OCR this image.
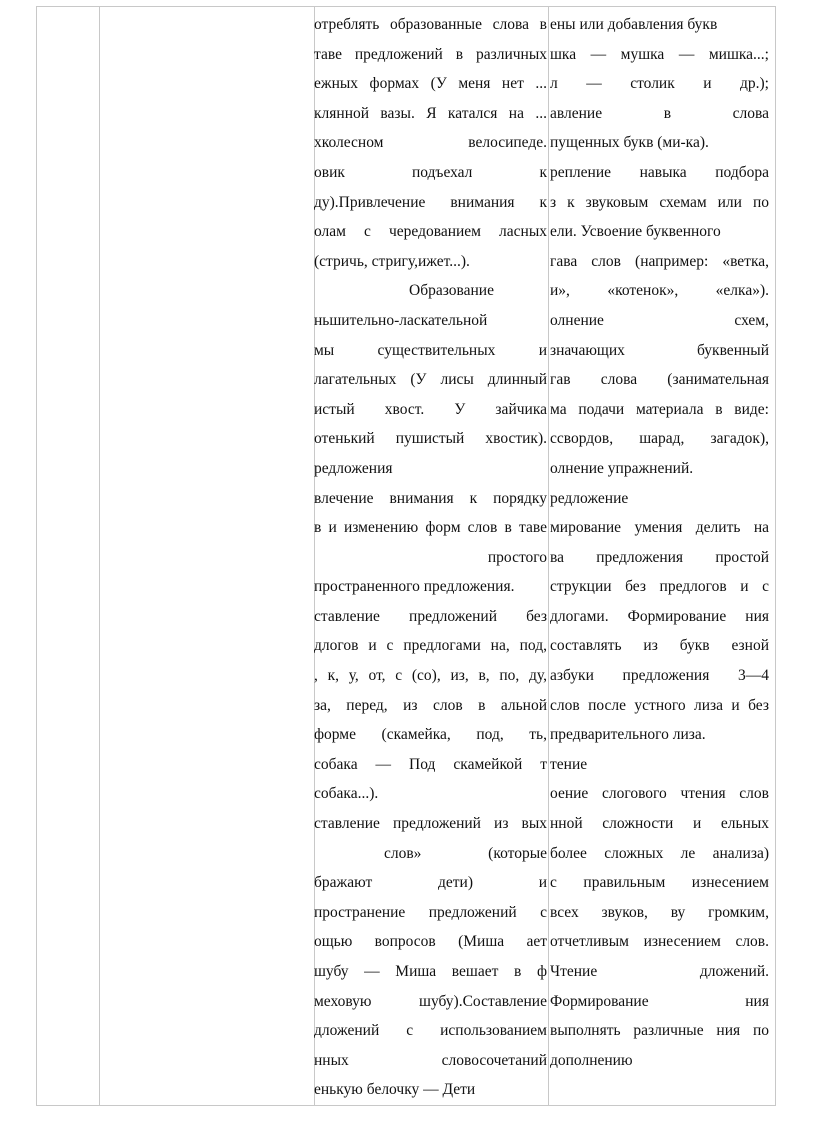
отреблять образованные слова в

таве предложений в различных

ежных формах (У меня нет ...

клянной вазы. Я катался на ...

хколесном велосипеде.

овик подъехал к

ду).Привлечение внимания к

олам с чередованием ласных

(стричь, стригу,ижет...).

Образование

ньшительно-ласкательной

мы существительных и

лагательных (У лисы длинный

истый хвост. У зайчика

отенький пушистый хвостик).

редложения

влечение внимания к порядку

в и изменению форм слов в таве

простого

пространенного предложения.

ставление предложений без

длогов и с предлогами на, под,

, к, у, от, с (со), из, в, по, ду,

за, перед, из слов в альной

форме (скамейка, под, ть,

собака — Под скамейкой т

собака...).

ставление предложений из вых

слов» (которые

бражают дети) и

пространение предложений с

ощью вопросов (Миша ает

шубу — Миша вешает в ф

меховую шубу).Составление

дложений с использованием

нных словосочетаний

енькую белочку — Дети

ены или добавления букв

шка — мушка — мишка...;

л — столик и др.);

авление в слова

пущенных букв (ми-ка).

репление навыка подбора

з к звуковым схемам или по

ели. Усвоение буквенного

гава слов (например: «ветка,

и», «котенок», «елка»).

олнение схем,

значающих буквенный

гав слова (занимательная

ма подачи материала в виде:

ссвордов, шарад, загадок),

олнение упражнений.

редложение

мирование умения делить на

ва предложения простой

струкции без предлогов и с

длогами. Формирование ния

составлять из букв езной

азбуки предложения 3—4

слов после устного лиза и без

предварительного лиза.

тение

оение слогового чтения слов

нной сложности и ельных

более сложных ле анализа)

с правильным изнесением

всех звуков, ву громким,

отчетливым изнесением слов.

Чтение дложений.

Формирование ния

выполнять различные ния по

дополнению
